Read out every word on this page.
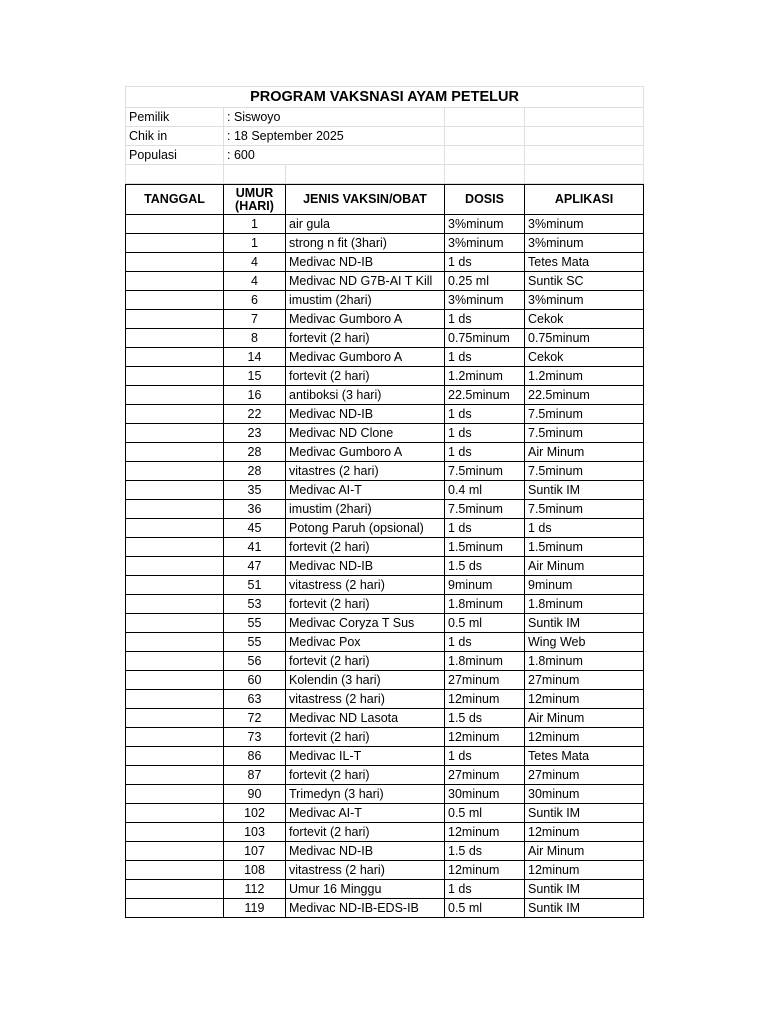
PROGRAM VAKSNASI AYAM PETELUR				
Pemilik	: Siswoyo			
Chik in	: 18 September 2025			
Populasi	: 600			

TANGGAL	UMUR (HARI)	JENIS VAKSIN/OBAT	DOSIS	APLIKASI
	1	air gula	3%minum	3%minum
	1	strong n fit (3hari)	3%minum	3%minum
	4	Medivac ND-IB	1 ds	Tetes Mata
	4	Medivac ND G7B-AI T Kill	0.25 ml	Suntik SC
	6	imustim (2hari)	3%minum	3%minum
	7	Medivac Gumboro A	1 ds	Cekok
	8	fortevit (2 hari)	0.75minum	0.75minum
	14	Medivac Gumboro A	1 ds	Cekok
	15	fortevit (2 hari)	1.2minum	1.2minum
	16	antiboksi (3 hari)	22.5minum	22.5minum
	22	Medivac ND-IB	1 ds	7.5minum
	23	Medivac ND Clone	1 ds	7.5minum
	28	Medivac Gumboro A	1 ds	Air Minum
	28	vitastres (2 hari)	7.5minum	7.5minum
	35	Medivac AI-T	0.4 ml	Suntik IM
	36	imustim (2hari)	7.5minum	7.5minum
	45	Potong Paruh (opsional)	1 ds	1 ds
	41	fortevit (2 hari)	1.5minum	1.5minum
	47	Medivac ND-IB	1.5 ds	Air Minum
	51	vitastress (2 hari)	9minum	9minum
	53	fortevit (2 hari)	1.8minum	1.8minum
	55	Medivac Coryza T Sus	0.5 ml	Suntik IM
	55	Medivac Pox	1 ds	Wing Web
	56	fortevit (2 hari)	1.8minum	1.8minum
	60	Kolendin (3 hari)	27minum	27minum
	63	vitastress (2 hari)	12minum	12minum
	72	Medivac ND Lasota	1.5 ds	Air Minum
	73	fortevit (2 hari)	12minum	12minum
	86	Medivac IL-T	1 ds	Tetes Mata
	87	fortevit (2 hari)	27minum	27minum
	90	Trimedyn (3 hari)	30minum	30minum
	102	Medivac AI-T	0.5 ml	Suntik IM
	103	fortevit (2 hari)	12minum	12minum
	107	Medivac ND-IB	1.5 ds	Air Minum
	108	vitastress (2 hari)	12minum	12minum
	112	Umur 16 Minggu	1 ds	Suntik IM
	119	Medivac ND-IB-EDS-IB	0.5 ml	Suntik IM
